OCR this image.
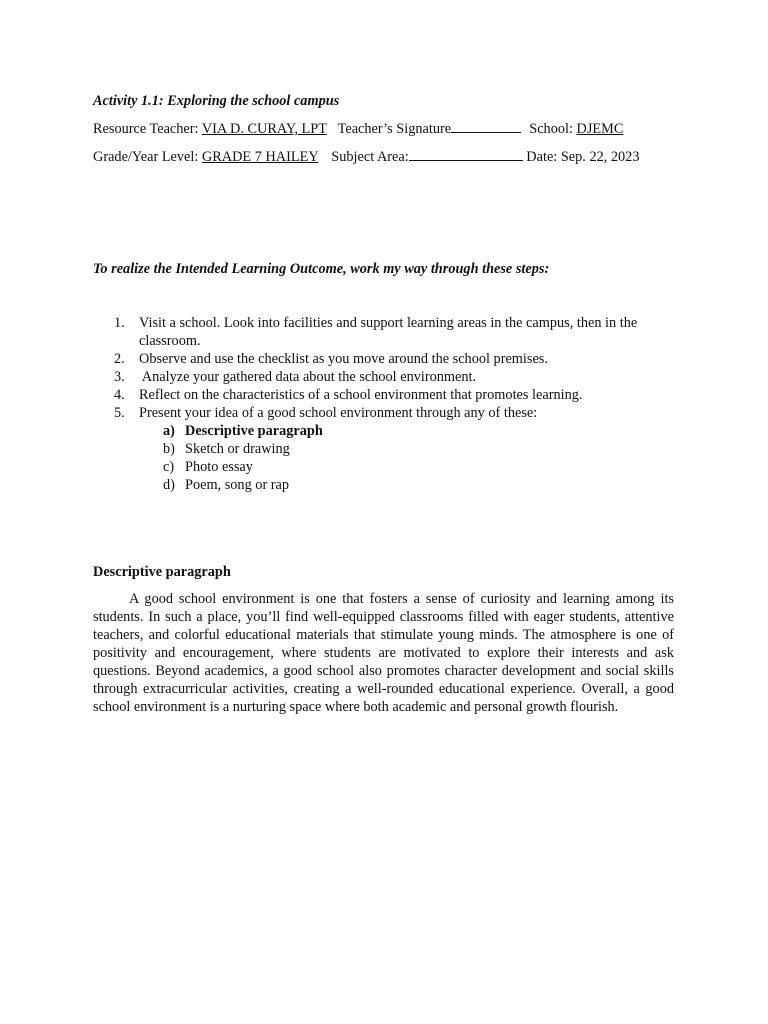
Activity 1.1: Exploring the school campus
Resource Teacher: VIA D. CURAY, LPT Teacher’s Signature	School: DJEMC
Grade/Year Level: GRADE 7 HAILEY Subject Area:	Date: Sep. 22, 2023
To realize the Intended Learning Outcome, work my way through these steps:
1. Visit a school. Look into facilities and support learning areas in the campus, then in the classroom.
2. Observe and use the checklist as you move around the school premises.
3. Analyze your gathered data about the school environment.
4. Reflect on the characteristics of a school environment that promotes learning.
5. Present your idea of a good school environment through any of these:
a) Descriptive paragraph
b) Sketch or drawing
c) Photo essay
d) Poem, song or rap
Descriptive paragraph

A good school environment is one that fosters a sense of curiosity and learning among its students. In such a place, you’ll find well-equipped classrooms filled with eager students, attentive teachers, and colorful educational materials that stimulate young minds. The atmosphere is one of positivity and encouragement, where students are motivated to explore their interests and ask questions. Beyond academics, a good school also promotes character development and social skills through extracurricular activities, creating a well-rounded educational experience. Overall, a good school environment is a nurturing space where both academic and personal growth flourish.
